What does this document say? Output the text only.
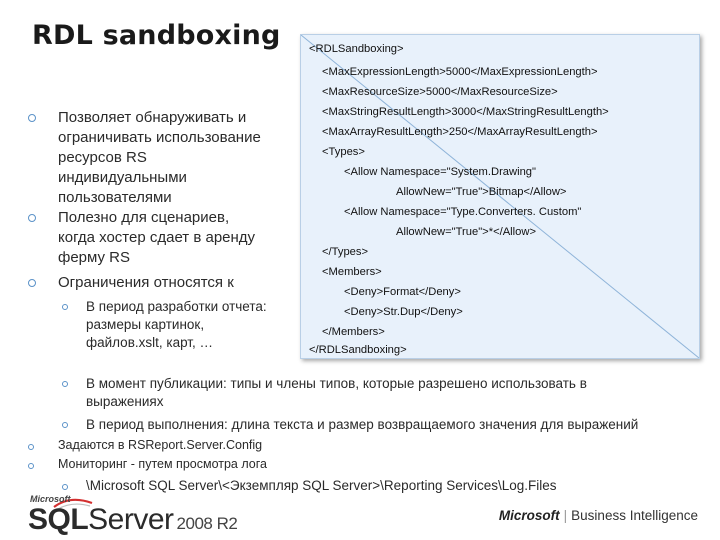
RDL sandboxing
Позволяет обнаруживать и
ограничивать использование
ресурсов RS
индивидуальными
пользователями
Полезно для сценариев,
когда хостер сдает в аренду
ферму RS
Ограничения относятся к
В период разработки отчета:
размеры картинок,
файлов.xslt, карт, …
В момент публикации: типы и члены типов, которые разрешено использовать в
выражениях
В период выполнения: длина текста и размер возвращаемого значения для выражений
Задаются в RSReport.Server.Config
Мониторинг - путем просмотра лога
\Microsoft SQL Server\<Экземпляр SQL Server>\Reporting Services\Log.Files
<RDLSandboxing>
<MaxExpressionLength>5000</MaxExpressionLength>
<MaxResourceSize>5000</MaxResourceSize>
<MaxStringResultLength>3000</MaxStringResultLength>
<MaxArrayResultLength>250</MaxArrayResultLength>
<Types>
<Allow Namespace="System.Drawing"
AllowNew="True">Bitmap</Allow>
<Allow Namespace="Type.Converters. Custom"
AllowNew="True">*</Allow>
</Types>
<Members>
<Deny>Format</Deny>
<Deny>Str.Dup</Deny>
</Members>
</RDLSandboxing>
Microsoft
SQLServer 2008 R2	Microsoft | Business Intelligence
